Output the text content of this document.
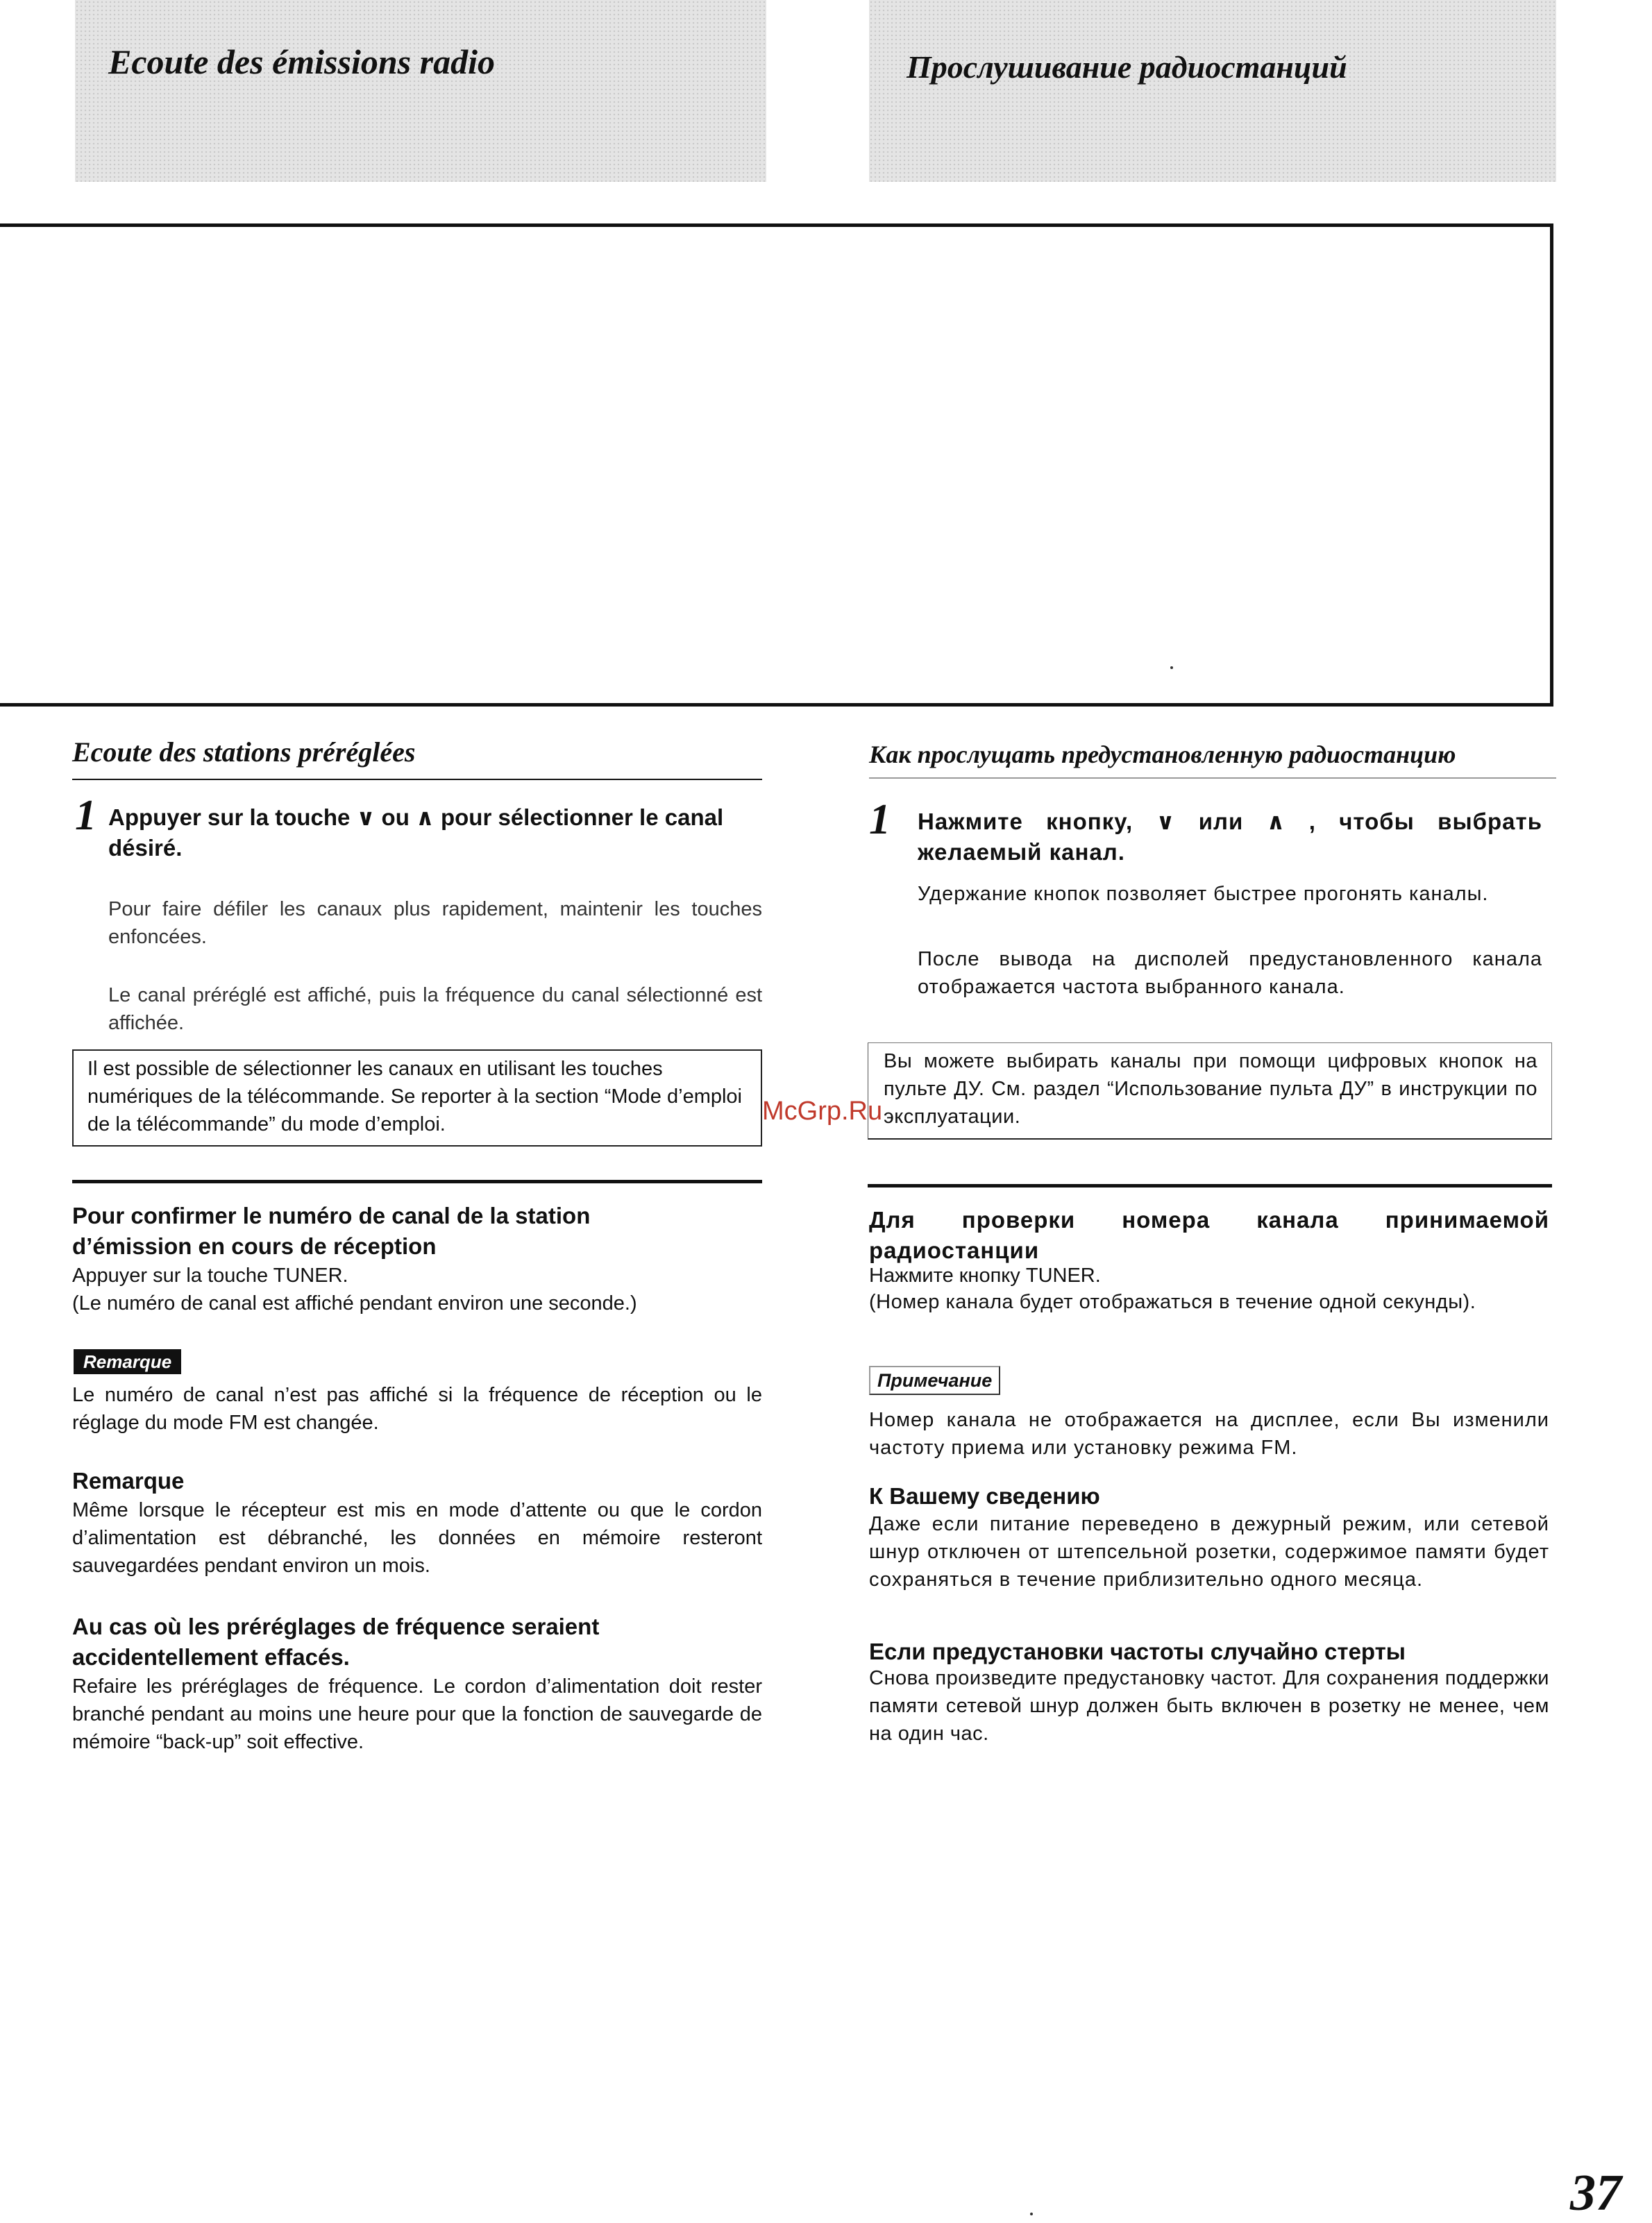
Ecoute des émissions radio	Прослушивание радиостанций
Ecoute des stations préréglées
1 Appuyer sur la touche ∨ ou ∧ pour sélectionner le canal désiré.
Pour faire défiler les canaux plus rapidement, maintenir les touches enfoncées.
Le canal préréglé est affiché, puis la fréquence du canal sélectionné est affichée.
Il est possible de sélectionner les canaux en utilisant les touches numériques de la télécommande. Se reporter à la section “Mode d’emploi de la télécommande” du mode d’emploi.
Pour confirmer le numéro de canal de la station d’émission en cours de réception
Appuyer sur la touche TUNER.
(Le numéro de canal est affiché pendant environ une seconde.)
Remarque
Le numéro de canal n’est pas affiché si la fréquence de réception ou le réglage du mode FM est changée.
Remarque
Même lorsque le récepteur est mis en mode d’attente ou que le cordon d’alimentation est débranché, les données en mémoire resteront sauvegardées pendant environ un mois.
Au cas où les préréglages de fréquence seraient accidentellement effacés.
Refaire les préréglages de fréquence. Le cordon d’alimentation doit rester branché pendant au moins une heure pour que la fonction de sauvegarde de mémoire “back-up” soit effective.
Как прослущать предустановленную радиостанцию
1 Нажмите кнопку, ∨ или ∧ , чтобы выбрать желаемый канал.
Удержание кнопок позволяет быстрее прогонять каналы.
После вывода на дисполей предустановленного канала отображается частота выбранного канала.
Вы можете выбирать каналы при помощи цифровых кнопок на пульте ДУ. См. раздел “Использование пульта ДУ” в инструкции по эксплуатации.
Для проверки номера канала принимаемой радиостанции
Нажмите кнопку TUNER.
(Номер канала будет отображаться в течение одной секунды).
Примечание
Номер канала не отображается на дисплее, если Вы изменили частоту приема или установку режима FM.
К Вашему сведению
Даже если питание переведено в дежурный режим, или сетевой шнур отключен от штепсельной розетки, содержимое памяти будет сохраняться в течение приблизительно одного месяца.
Если предустановки частоты случайно стерты
Снова произведите предустановку частот. Для сохранения поддержки памяти сетевой шнур должен быть включен в розетку не менее, чем на один час.
McGrp.Ru
37
